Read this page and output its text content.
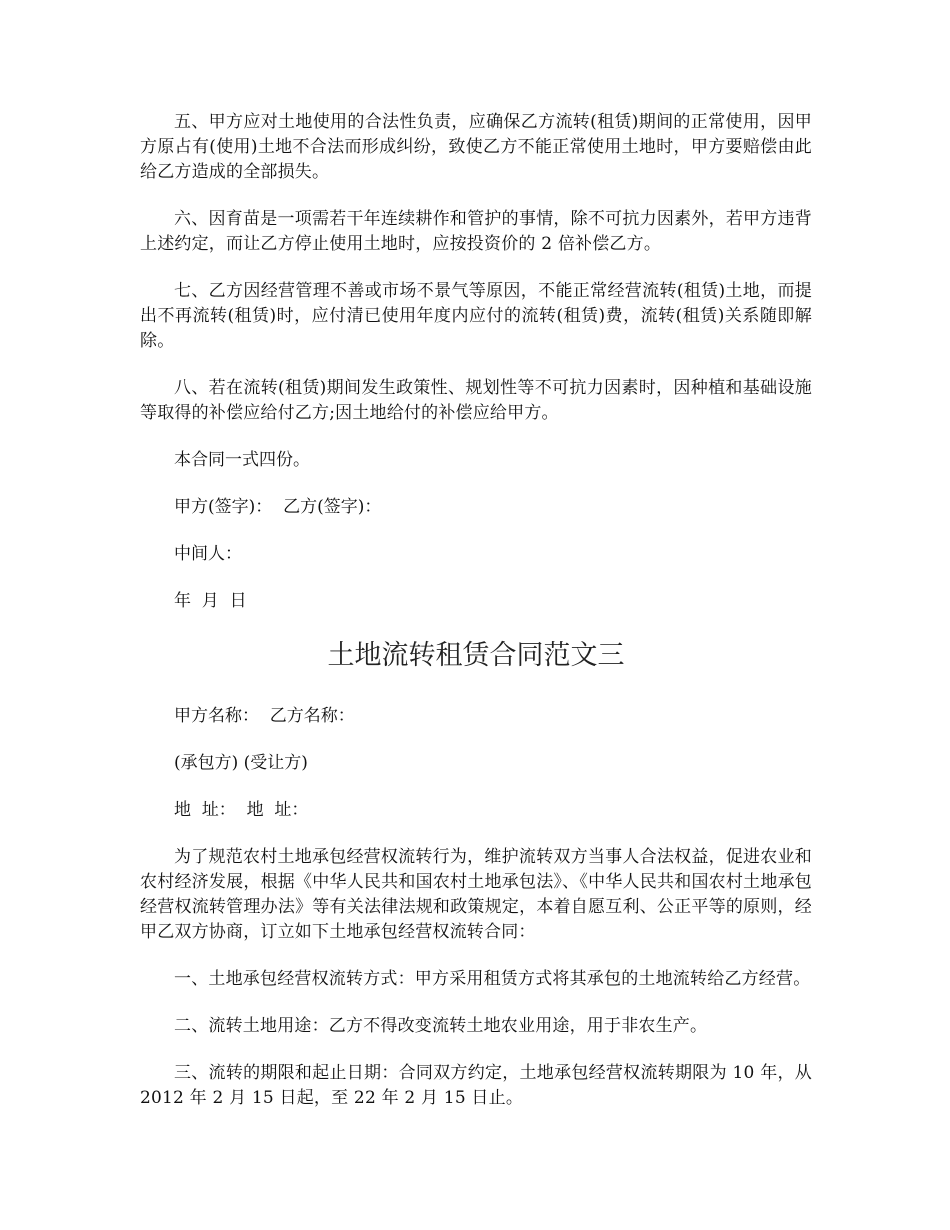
五、甲方应对土地使用的合法性负责，应确保乙方流转(租赁)期间的正常使用，因甲方原占有(使用)土地不合法而形成纠纷，致使乙方不能正常使用土地时，甲方要赔偿由此给乙方造成的全部损失。

六、因育苗是一项需若干年连续耕作和管护的事情，除不可抗力因素外，若甲方违背上述约定，而让乙方停止使用土地时，应按投资价的 2 倍补偿乙方。

七、乙方因经营管理不善或市场不景气等原因，不能正常经营流转(租赁)土地，而提出不再流转(租赁)时，应付清已使用年度内应付的流转(租赁)费，流转(租赁)关系随即解除。

八、若在流转(租赁)期间发生政策性、规划性等不可抗力因素时，因种植和基础设施等取得的补偿应给付乙方;因土地给付的补偿应给甲方。

本合同一式四份。

甲方(签字)：  乙方(签字)：

中间人：

年  月  日

土地流转租赁合同范文三

甲方名称：  乙方名称：

(承包方) (受让方)

地  址：  地  址：

为了规范农村土地承包经营权流转行为，维护流转双方当事人合法权益，促进农业和农村经济发展，根据《中华人民共和国农村土地承包法》、《中华人民共和国农村土地承包经营权流转管理办法》等有关法律法规和政策规定，本着自愿互利、公正平等的原则，经甲乙双方协商，订立如下土地承包经营权流转合同：

一、土地承包经营权流转方式：甲方采用租赁方式将其承包的土地流转给乙方经营。

二、流转土地用途：乙方不得改变流转土地农业用途，用于非农生产。

三、流转的期限和起止日期：合同双方约定，土地承包经营权流转期限为 10 年，从 2012 年 2 月 15 日起，至 22 年 2 月 15 日止。
